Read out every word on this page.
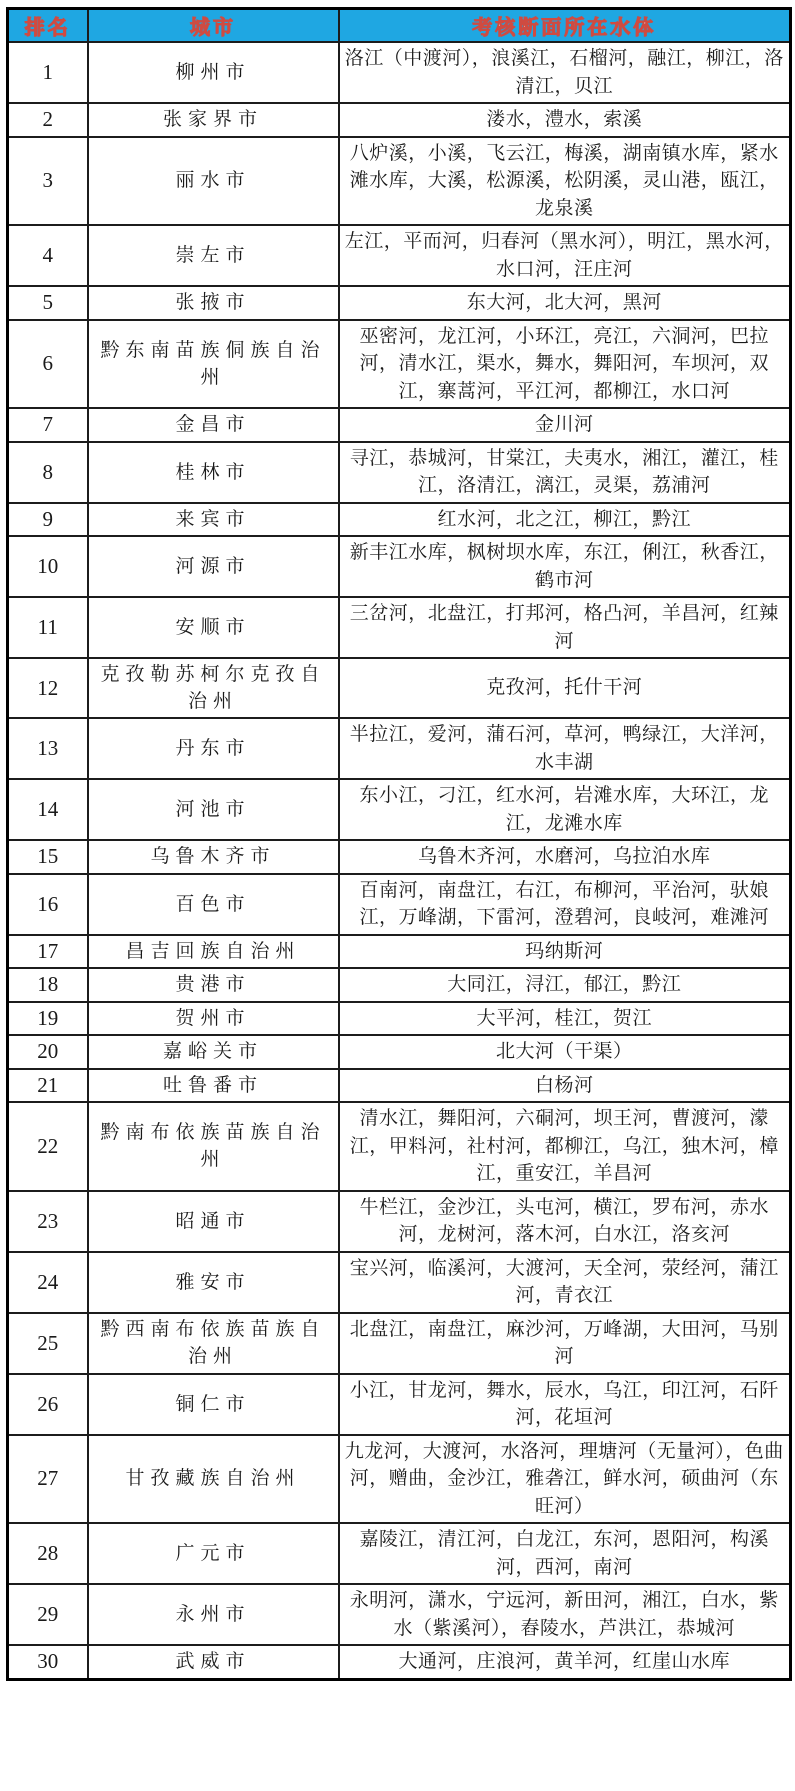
排名	城市	考核断面所在水体
1	柳州市	洛江（中渡河），浪溪江，石榴河，融江，柳江，洛清江，贝江
2	张家界市	溇水，澧水，索溪
3	丽水市	八炉溪，小溪，飞云江，梅溪，湖南镇水库，紧水滩水库，大溪，松源溪，松阴溪，灵山港，瓯江，龙泉溪
4	崇左市	左江，平而河，归春河（黑水河），明江，黑水河，水口河，汪庄河
5	张掖市	东大河，北大河，黑河
6	黔东南苗族侗族自治州	巫密河，龙江河，小环江，亮江，六洞河，巴拉河，清水江，渠水，舞水，舞阳河，车坝河，双江，寨蒿河，平江河，都柳江，水口河
7	金昌市	金川河
8	桂林市	寻江，恭城河，甘棠江，夫夷水，湘江，灌江，桂江，洛清江，漓江，灵渠，荔浦河
9	来宾市	红水河，北之江，柳江，黔江
10	河源市	新丰江水库，枫树坝水库，东江，俐江，秋香江，鹤市河
11	安顺市	三岔河，北盘江，打邦河，格凸河，羊昌河，红辣河
12	克孜勒苏柯尔克孜自治州	克孜河，托什干河
13	丹东市	半拉江，爱河，蒲石河，草河，鸭绿江，大洋河，水丰湖
14	河池市	东小江，刁江，红水河，岩滩水库，大环江，龙江，龙滩水库
15	乌鲁木齐市	乌鲁木齐河，水磨河，乌拉泊水库
16	百色市	百南河，南盘江，右江，布柳河，平治河，驮娘江，万峰湖，下雷河，澄碧河，良岐河，难滩河
17	昌吉回族自治州	玛纳斯河
18	贵港市	大同江，浔江，郁江，黔江
19	贺州市	大平河，桂江，贺江
20	嘉峪关市	北大河（干渠）
21	吐鲁番市	白杨河
22	黔南布依族苗族自治州	清水江，舞阳河，六硐河，坝王河，曹渡河，濛江，甲料河，社村河，都柳江，乌江，独木河，樟江，重安江，羊昌河
23	昭通市	牛栏江，金沙江，头屯河，横江，罗布河，赤水河，龙树河，落木河，白水江，洛亥河
24	雅安市	宝兴河，临溪河，大渡河，天全河，荥经河，蒲江河，青衣江
25	黔西南布依族苗族自治州	北盘江，南盘江，麻沙河，万峰湖，大田河，马别河
26	铜仁市	小江，甘龙河，舞水，辰水，乌江，印江河，石阡河，花垣河
27	甘孜藏族自治州	九龙河，大渡河，水洛河，理塘河（无量河），色曲河，赠曲，金沙江，雅砻江，鲜水河，硕曲河（东旺河）
28	广元市	嘉陵江，清江河，白龙江，东河，恩阳河，构溪河，西河，南河
29	永州市	永明河，潇水，宁远河，新田河，湘江，白水，紫水（紫溪河），舂陵水，芦洪江，恭城河
30	武威市	大通河，庄浪河，黄羊河，红崖山水库
